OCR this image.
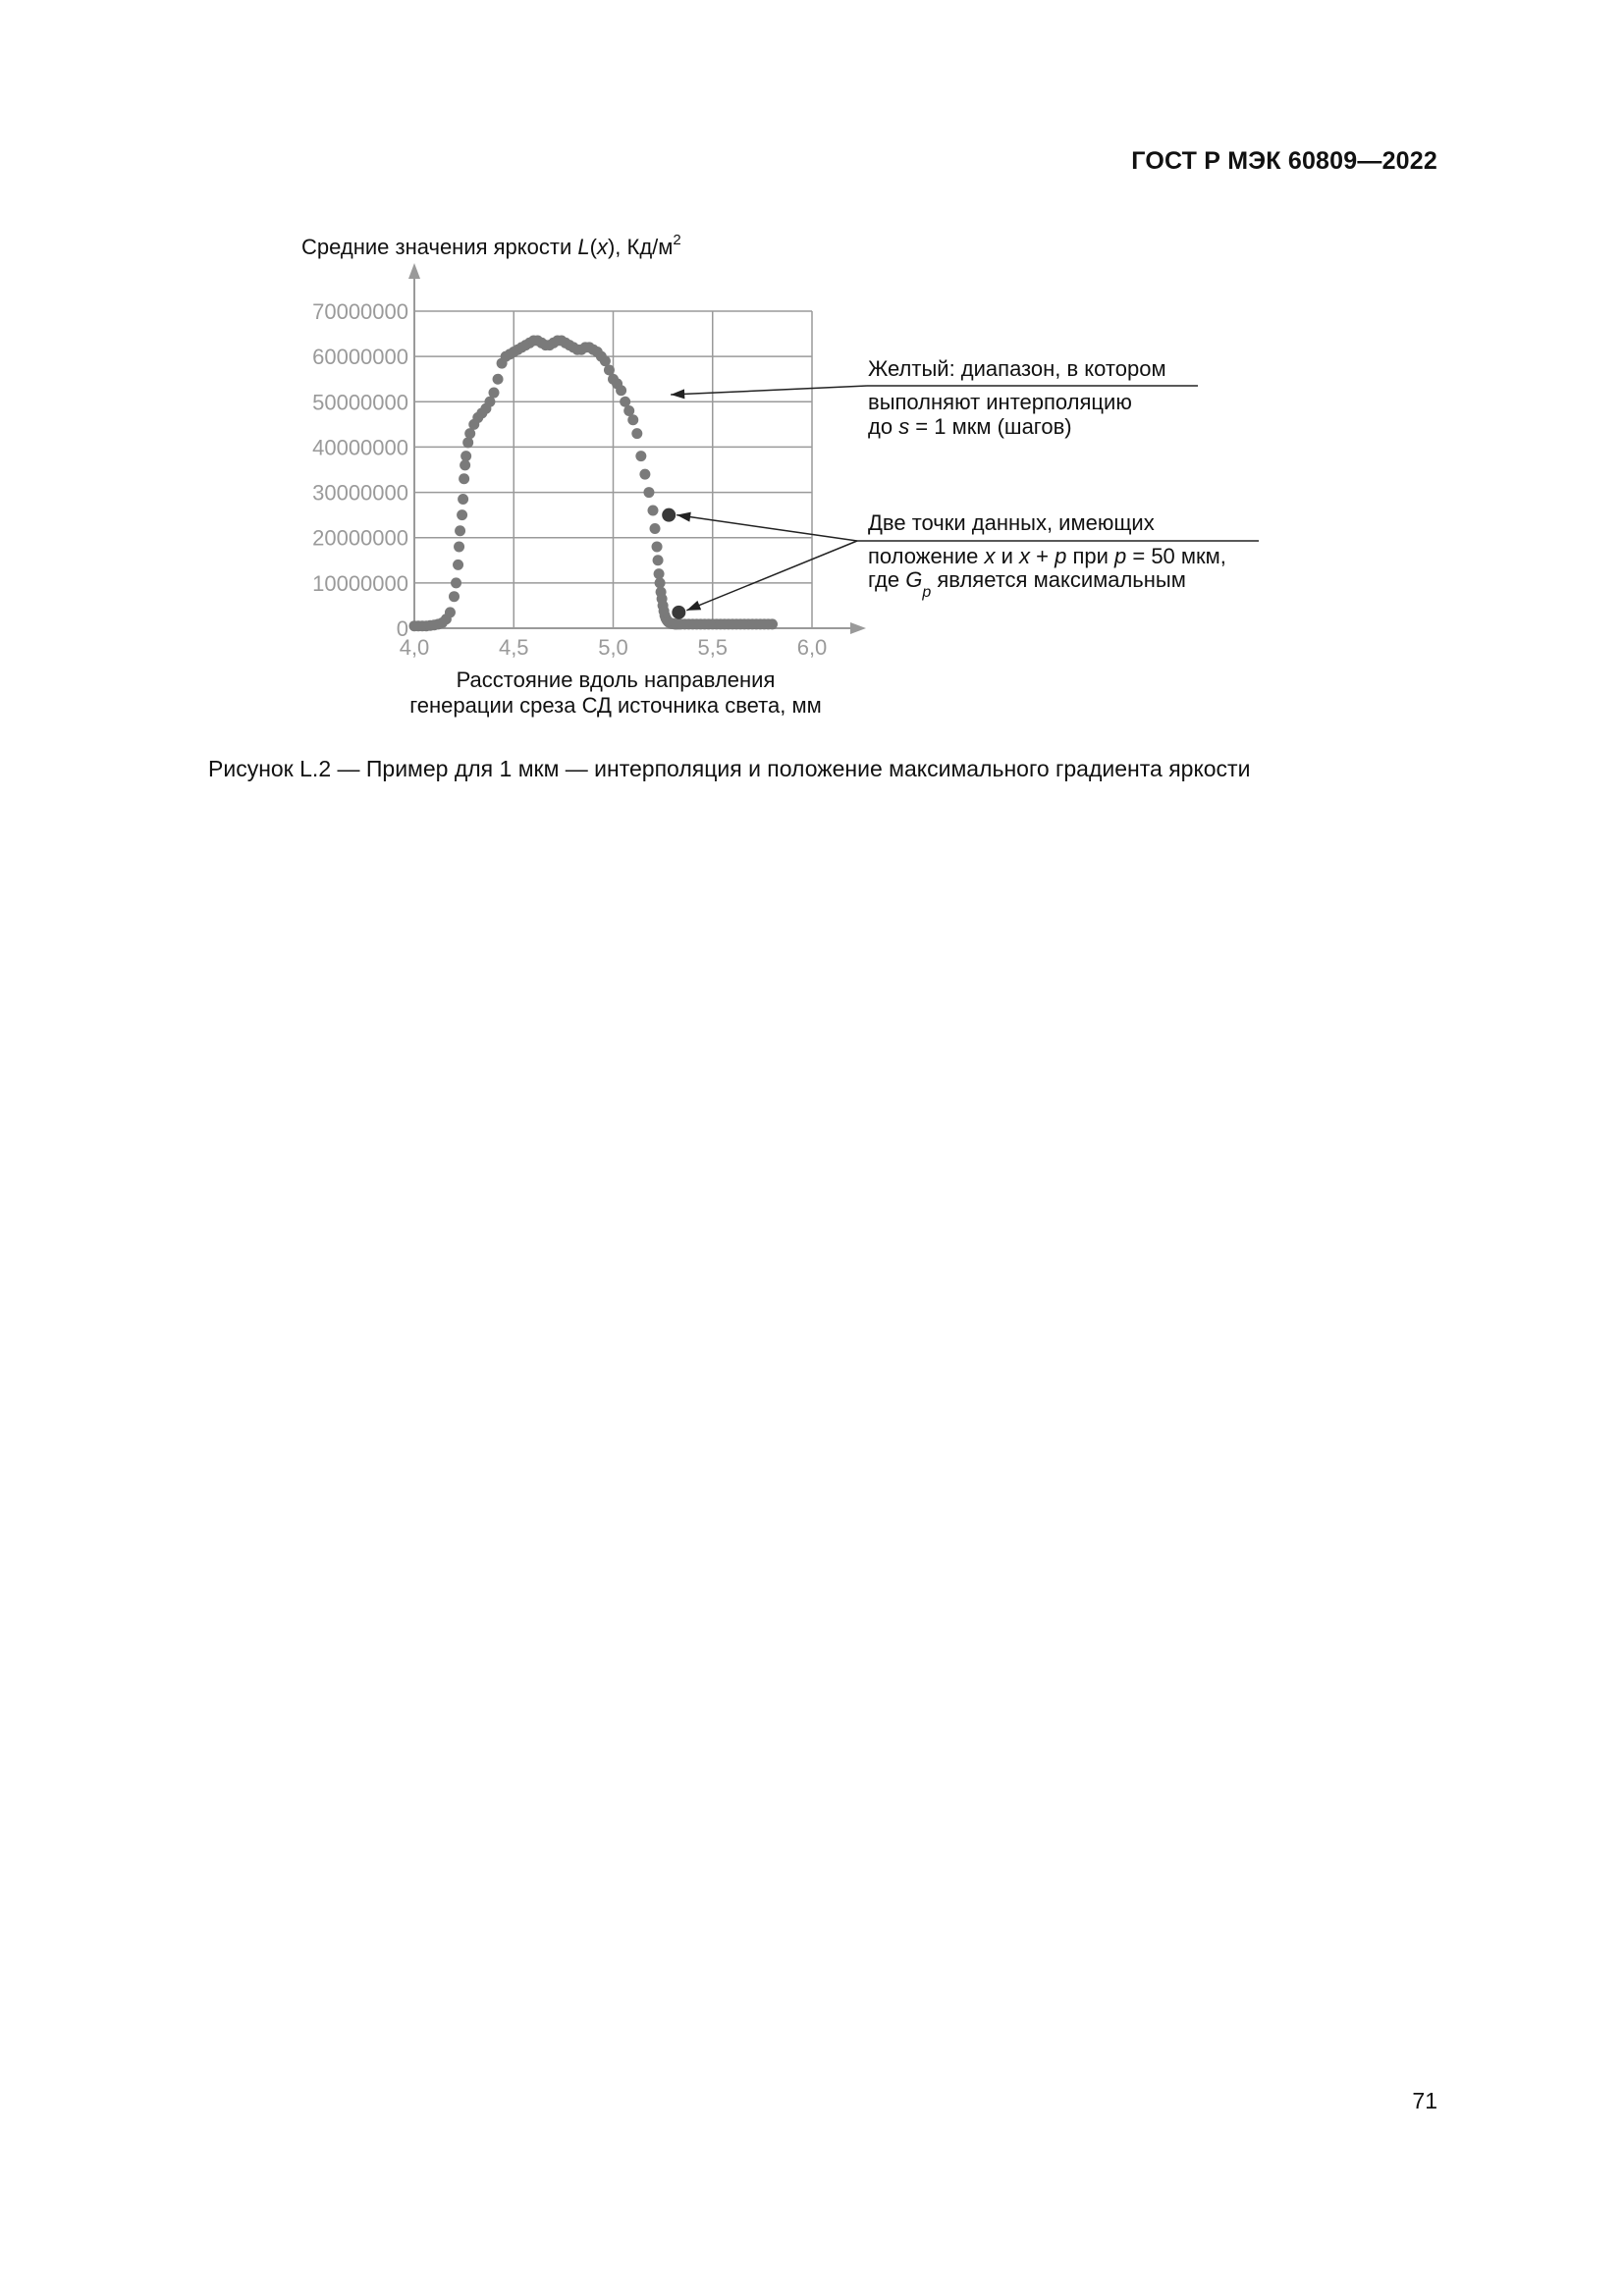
ГОСТ Р МЭК 60809—2022
Средние значения яркости L(x), $Кд/м^2$
0
10000000
20000000
30000000
40000000
50000000
60000000
70000000
4,0	4,5	5,0	5,5	6,0
Расстояние вдоль направления
генерации среза СД источника света, мм
Желтый: диапазон, в котором
выполняют интерполяцию
до s = 1 мкм (шагов)
Две точки данных, имеющих
положение x и x + p при p = 50 мкм,
где $G_p$ является максимальным
Рисунок L.2 — Пример для 1 мкм — интерполяция и положение максимального градиента яркости
71
